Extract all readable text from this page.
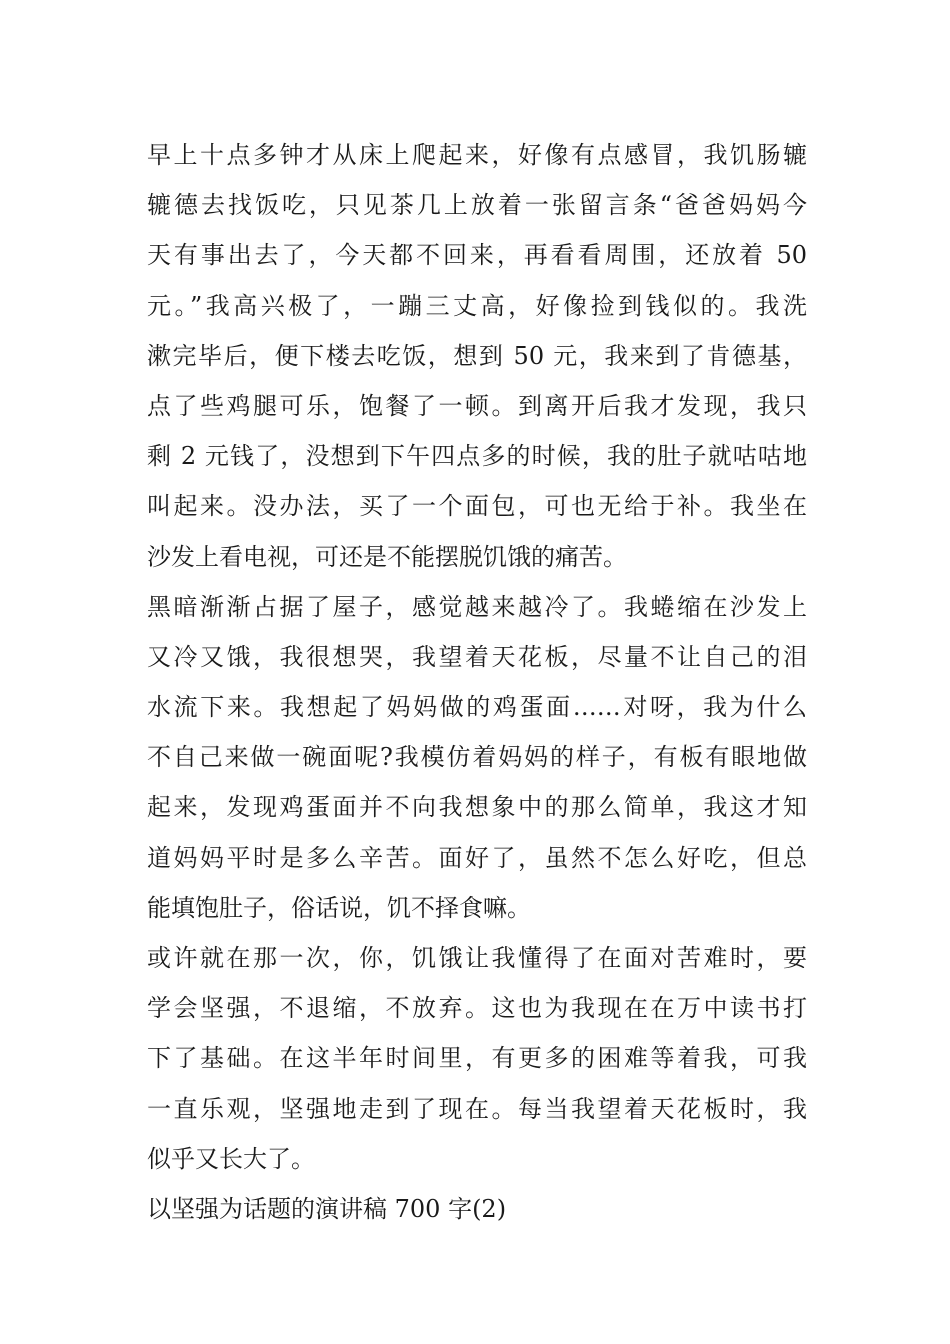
早上十点多钟才从床上爬起来，好像有点感冒，我饥肠辘
辘德去找饭吃，只见茶几上放着一张留言条“爸爸妈妈今
天有事出去了，今天都不回来，再看看周围，还放着 50
元。”我高兴极了，一蹦三丈高，好像捡到钱似的。我洗
漱完毕后，便下楼去吃饭，想到 50 元，我来到了肯德基，
点了些鸡腿可乐，饱餐了一顿。到离开后我才发现，我只
剩 2 元钱了，没想到下午四点多的时候，我的肚子就咕咕地
叫起来。没办法，买了一个面包，可也无给于补。我坐在
沙发上看电视，可还是不能摆脱饥饿的痛苦。
黑暗渐渐占据了屋子，感觉越来越冷了。我蜷缩在沙发上
又冷又饿，我很想哭，我望着天花板，尽量不让自己的泪
水流下来。我想起了妈妈做的鸡蛋面……对呀，我为什么
不自己来做一碗面呢?我模仿着妈妈的样子，有板有眼地做
起来，发现鸡蛋面并不向我想象中的那么简单，我这才知
道妈妈平时是多么辛苦。面好了，虽然不怎么好吃，但总
能填饱肚子，俗话说，饥不择食嘛。
或许就在那一次，你，饥饿让我懂得了在面对苦难时，要
学会坚强，不退缩，不放弃。这也为我现在在万中读书打
下了基础。在这半年时间里，有更多的困难等着我，可我
一直乐观，坚强地走到了现在。每当我望着天花板时，我
似乎又长大了。
以坚强为话题的演讲稿 700 字(2)
